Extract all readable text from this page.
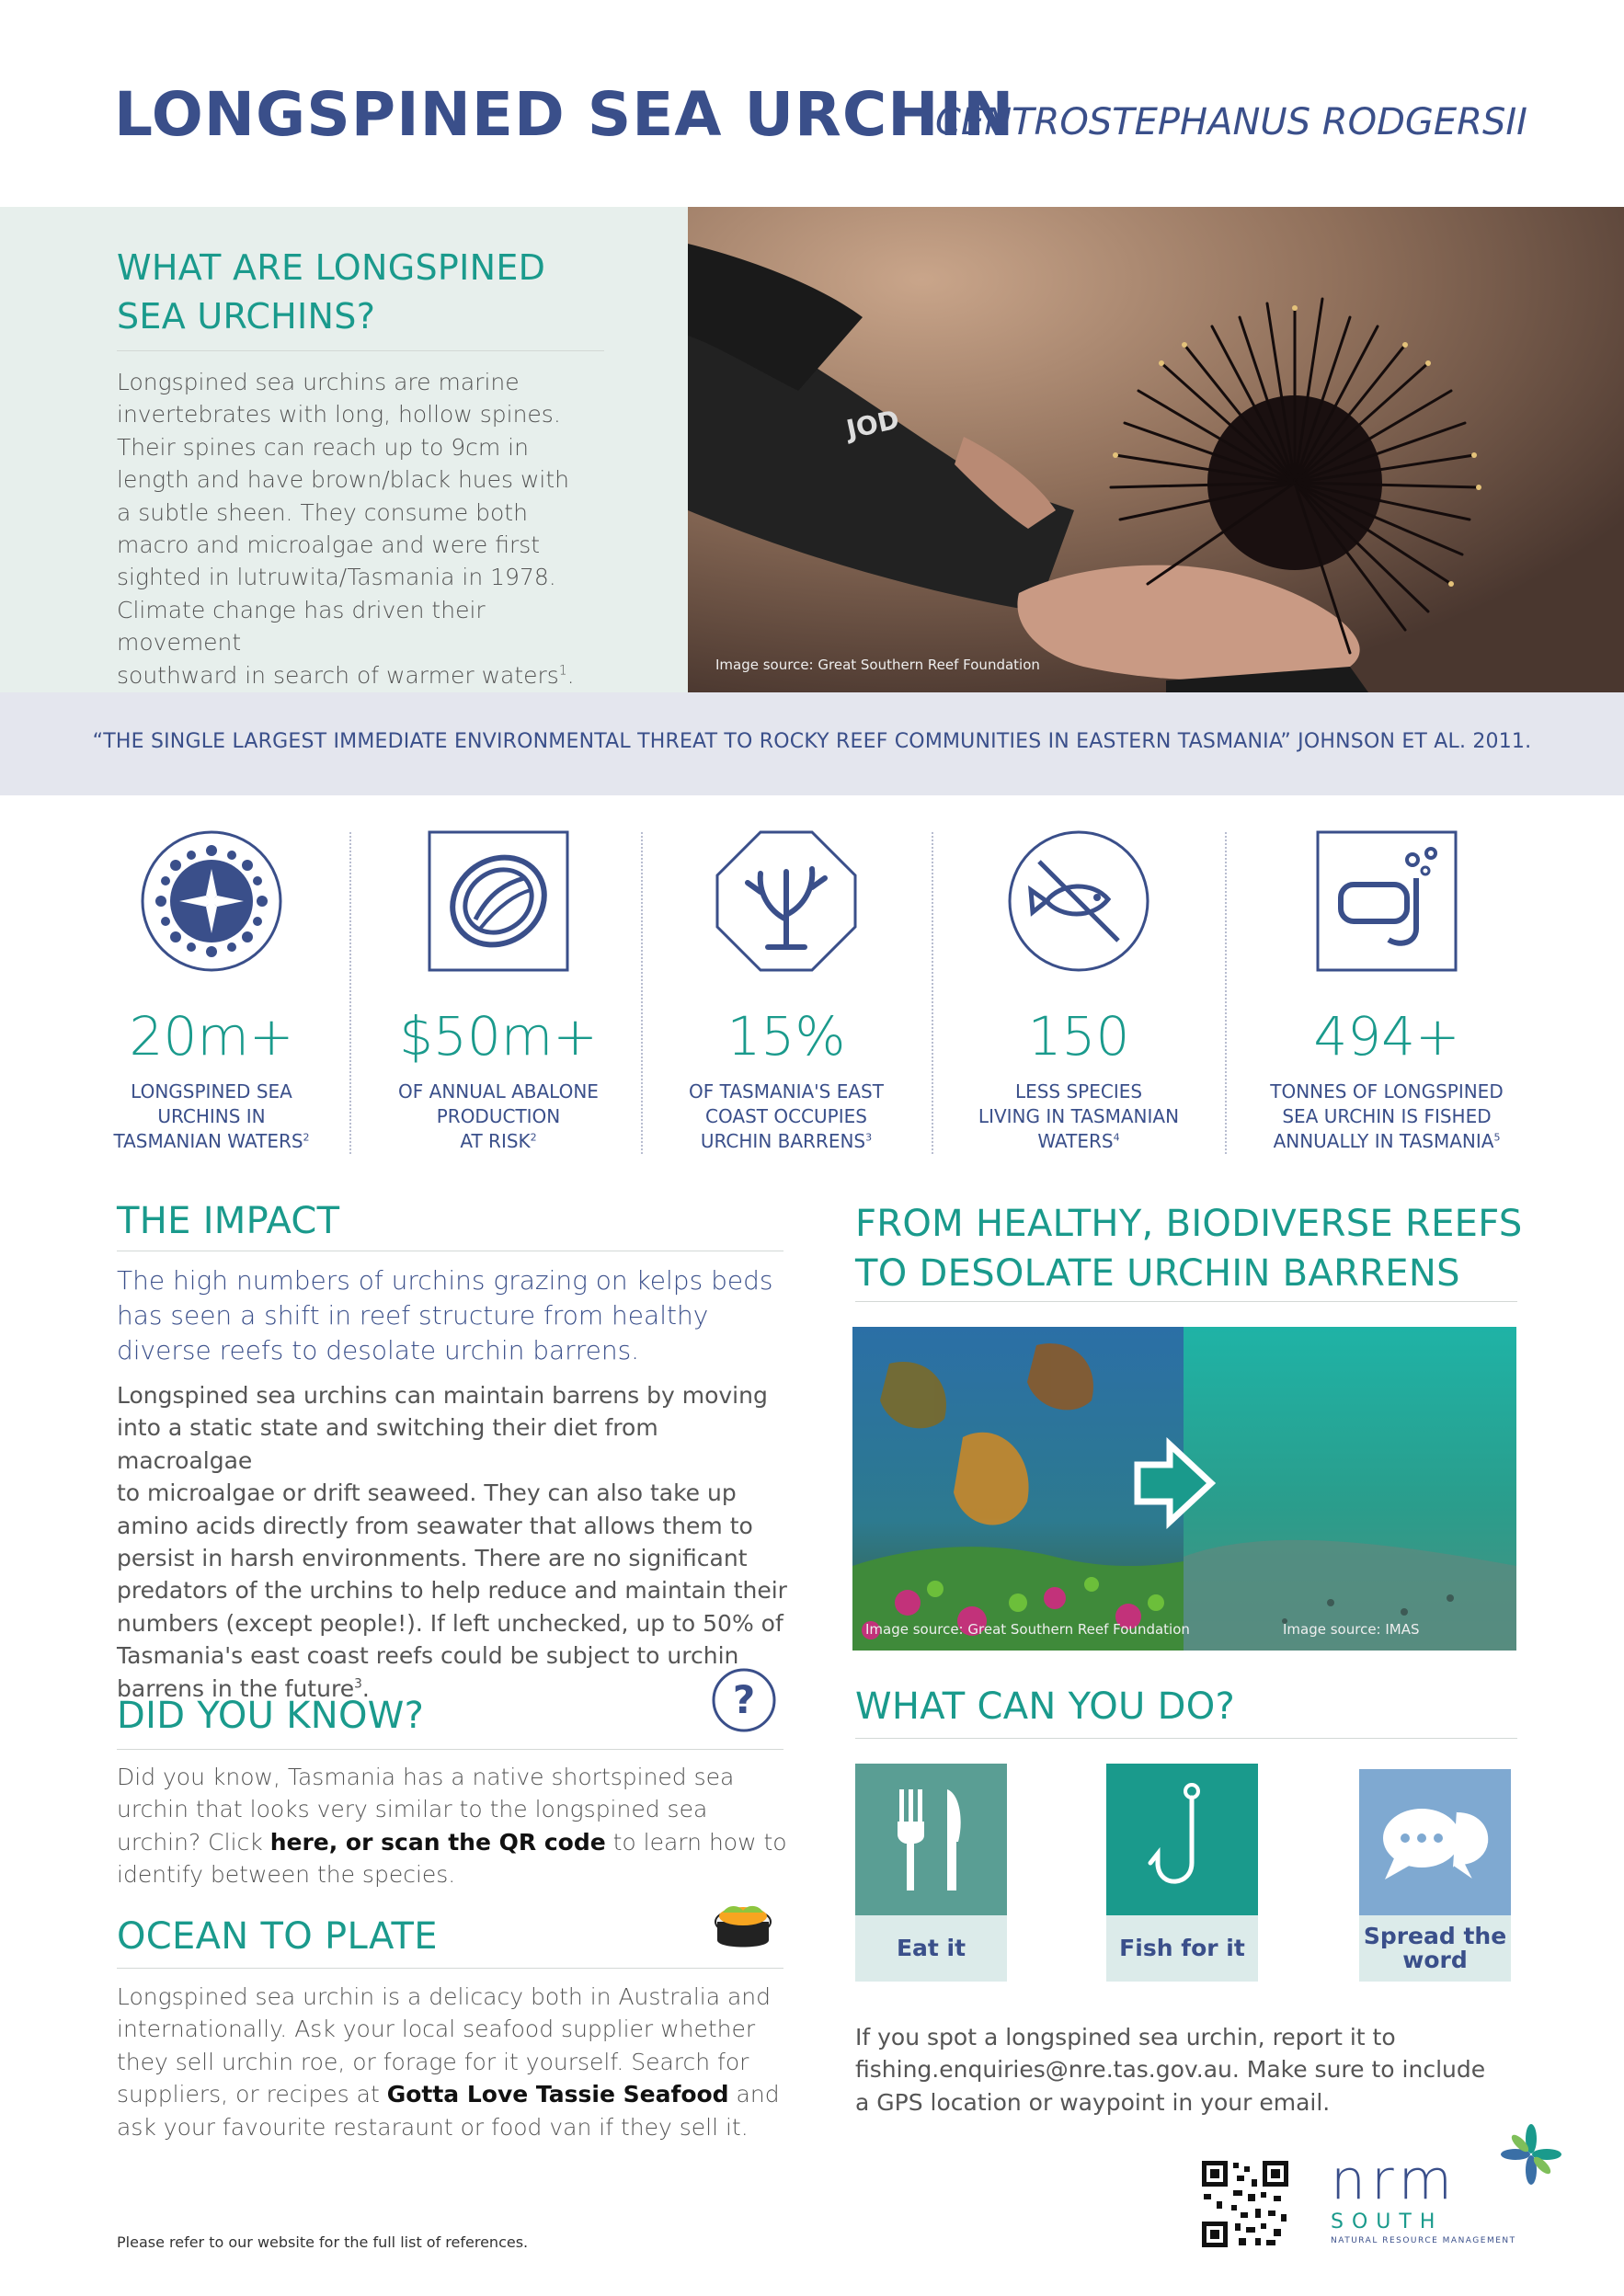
LONGSPINED SEA URCHIN
CENTROSTEPHANUS RODGERSII
WHAT ARE LONGSPINED
SEA URCHINS?
Longspined sea urchins are marine
invertebrates with long, hollow spines.
Their spines can reach up to 9cm in
length and have brown/black hues with
a subtle sheen. They consume both
macro and microalgae and were first
sighted in lutruwita/Tasmania in 1978.
Climate change has driven their movement
southward in search of warmer waters$^1$.
JOD
Image source: Great Southern Reef Foundation
“THE SINGLE LARGEST IMMEDIATE ENVIRONMENTAL THREAT TO ROCKY REEF COMMUNITIES IN EASTERN TASMANIA” JOHNSON ET AL. 2011.
20m+
LONGSPINED SEA
URCHINS IN
TASMANIAN WATERS$^2$
$50m+
OF ANNUAL ABALONE
PRODUCTION
AT RISK$^2$
15%
OF TASMANIA'S EAST
COAST OCCUPIES
URCHIN BARRENS$^3$
150
LESS SPECIES
LIVING IN TASMANIAN
WATERS$^4$
494+
TONNES OF LONGSPINED
SEA URCHIN IS FISHED
ANNUALLY IN TASMANIA$^5$
THE IMPACT
The high numbers of urchins grazing on kelps beds has seen a shift in reef structure from healthy diverse reefs to desolate urchin barrens.
Longspined sea urchins can maintain barrens by moving
into a static state and switching their diet from macroalgae
to microalgae or drift seaweed. They can also take up
amino acids directly from seawater that allows them to
persist in harsh environments. There are no significant
predators of the urchins to help reduce and maintain their
numbers (except people!). If left unchecked, up to 50% of
Tasmania's east coast reefs could be subject to urchin
barrens in the future$^3$.
DID YOU KNOW?	?
Did you know, Tasmania has a native shortspined sea urchin that looks very similar to the longspined sea urchin? Click here, or scan the QR code to learn how to identify between the species.
OCEAN TO PLATE
Longspined sea urchin is a delicacy both in Australia and internationally. Ask your local seafood supplier whether they sell urchin roe, or forage for it yourself. Search for suppliers, or recipes at Gotta Love Tassie Seafood and ask your favourite restaraunt or food van if they sell it.
FROM HEALTHY, BIODIVERSE REEFS
TO DESOLATE URCHIN BARRENS
Image source: Great Southern Reef Foundation	Image source: IMAS
WHAT CAN YOU DO?
Eat it	Fish for it	Spread the
word
If you spot a longspined sea urchin, report it to fishing.enquiries@nre.tas.gov.au. Make sure to include a GPS location or waypoint in your email.
Please refer to our website for the full list of references.
nrm
SOUTH
NATURAL RESOURCE MANAGEMENT
